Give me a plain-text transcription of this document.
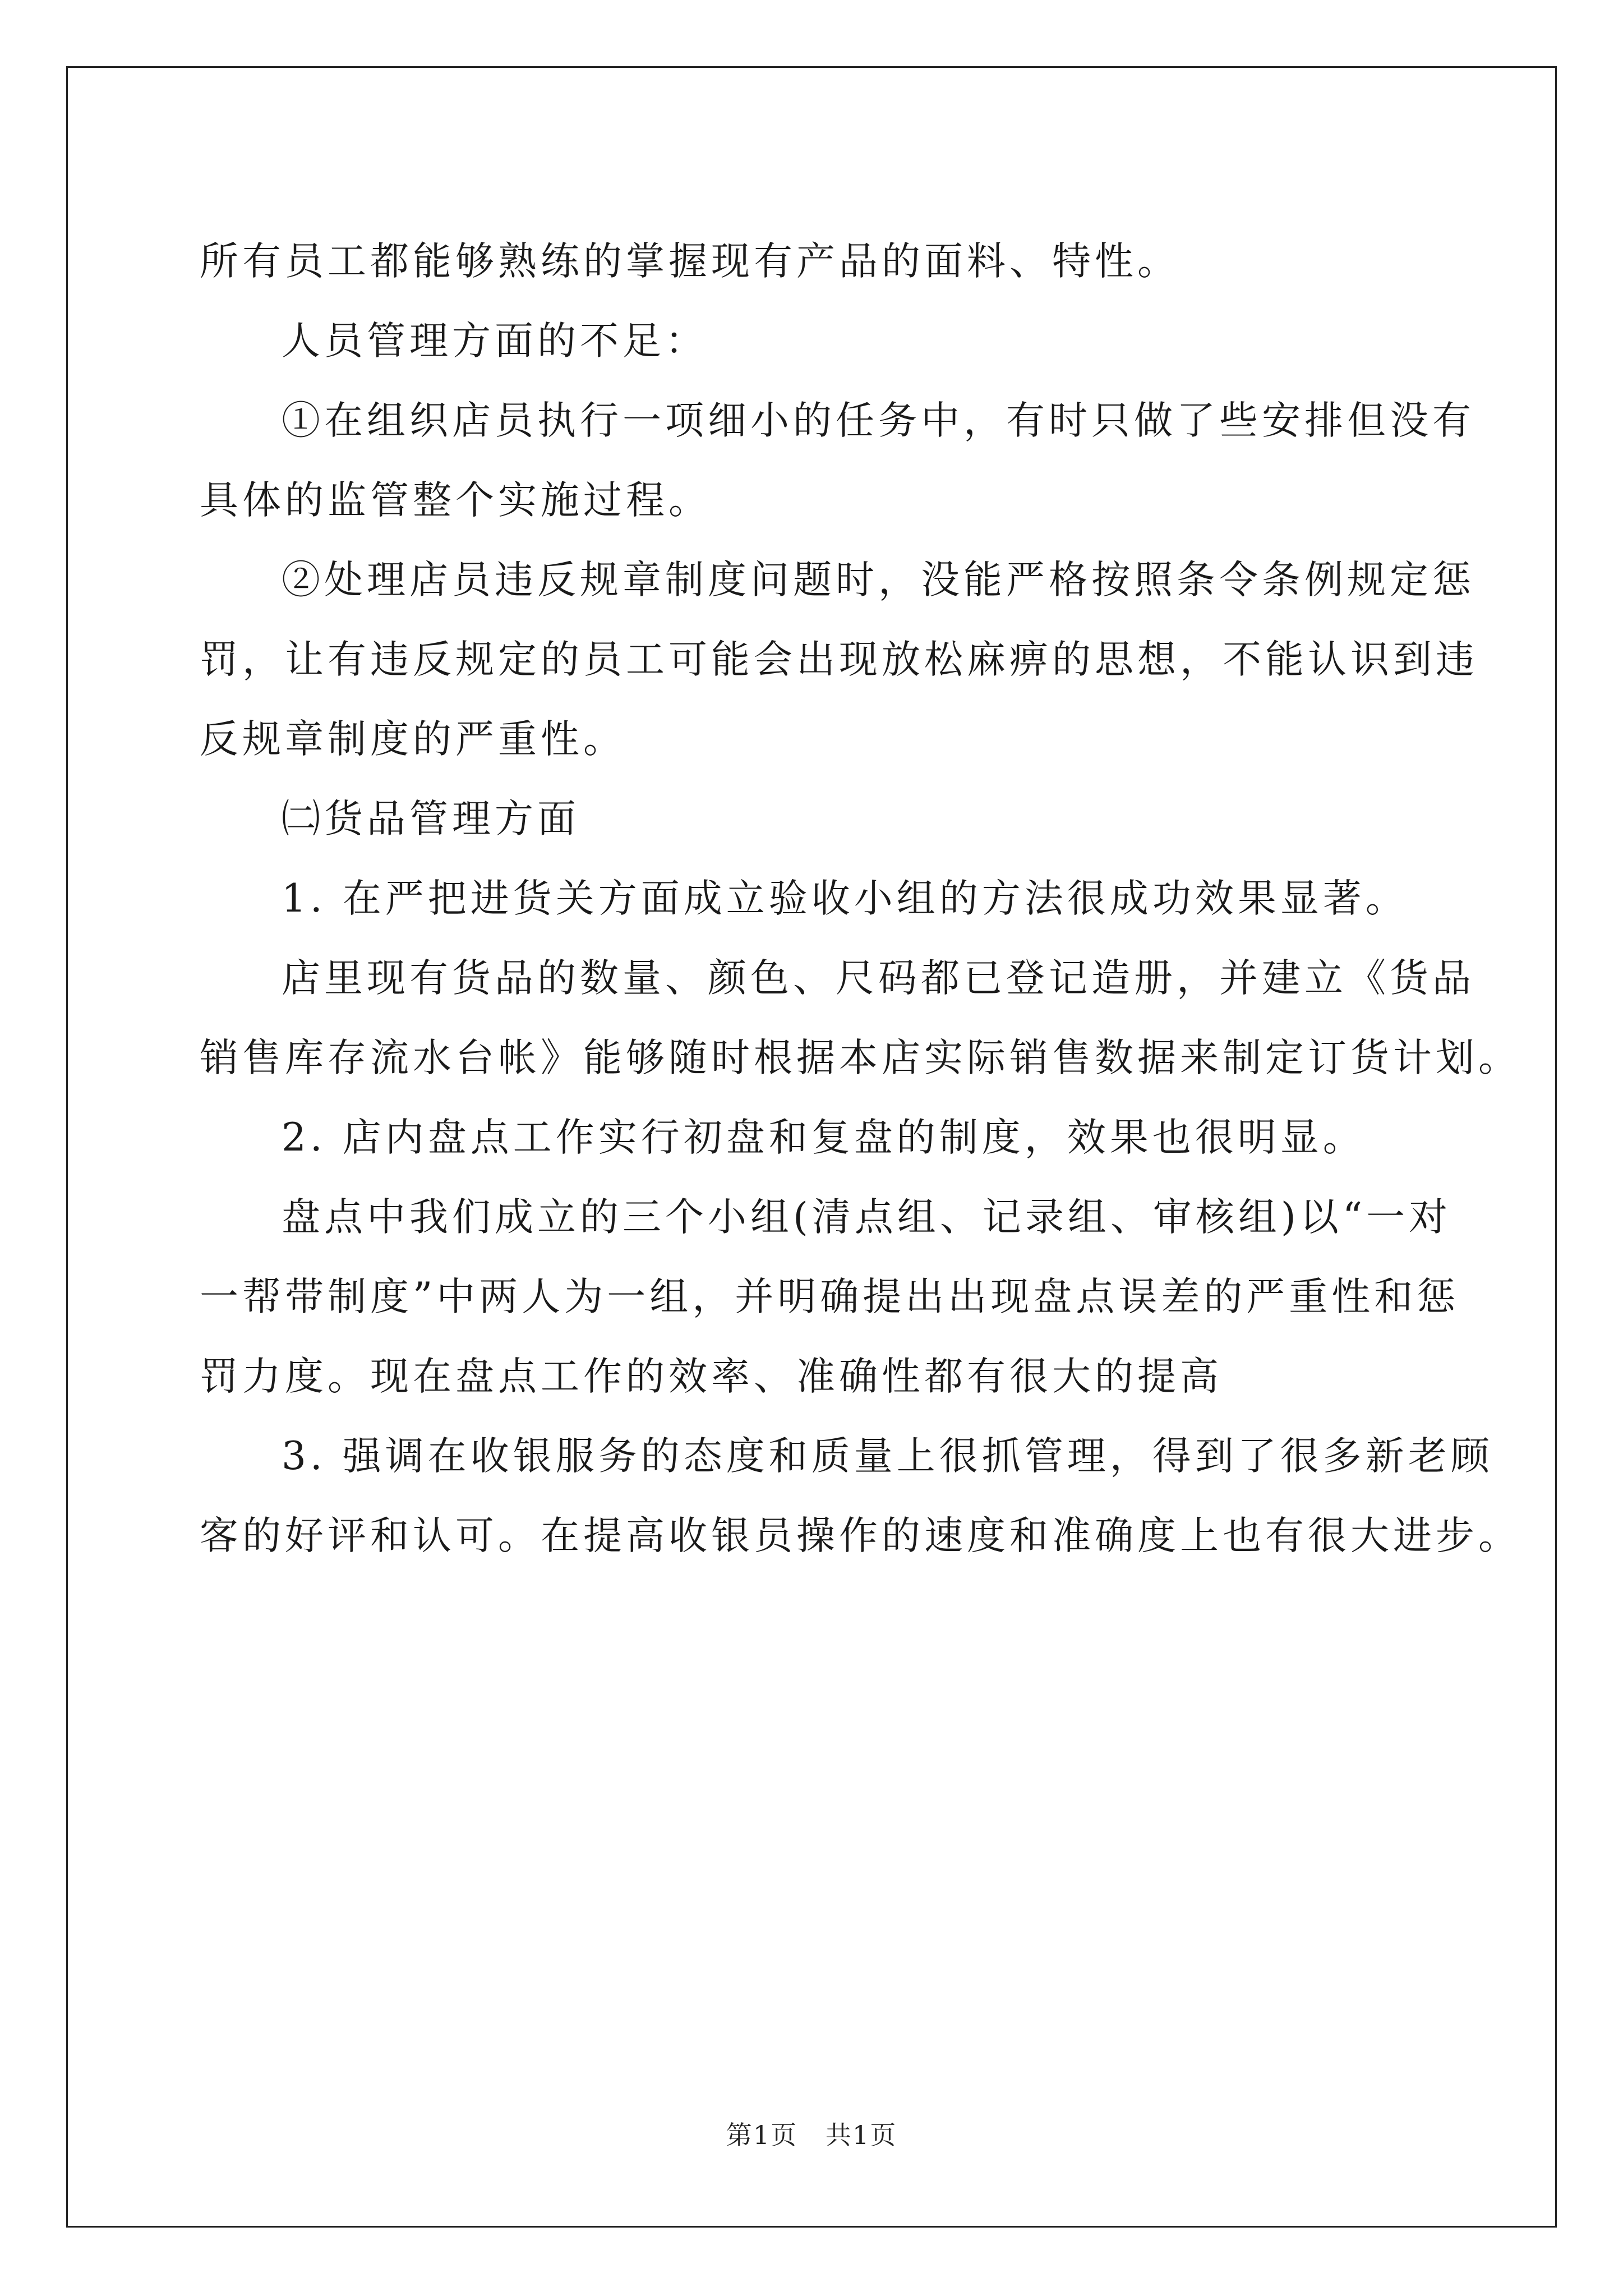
所有员工都能够熟练的掌握现有产品的面料、特性。

人员管理方面的不足：

①在组织店员执行一项细小的任务中，有时只做了些安排但没有

具体的监管整个实施过程。

②处理店员违反规章制度问题时，没能严格按照条令条例规定惩

罚，让有违反规定的员工可能会出现放松麻痹的思想，不能认识到违

反规章制度的严重性。

㈡货品管理方面

1. 在严把进货关方面成立验收小组的方法很成功效果显著。

店里现有货品的数量、颜色、尺码都已登记造册，并建立《货品

销售库存流水台帐》能够随时根据本店实际销售数据来制定订货计划。

2. 店内盘点工作实行初盘和复盘的制度，效果也很明显。

盘点中我们成立的三个小组(清点组、记录组、审核组)以“一对

一帮带制度”中两人为一组，并明确提出出现盘点误差的严重性和惩

罚力度。现在盘点工作的效率、准确性都有很大的提高

3. 强调在收银服务的态度和质量上很抓管理，得到了很多新老顾

客的好评和认可。在提高收银员操作的速度和准确度上也有很大进步。

第1页   共1页
